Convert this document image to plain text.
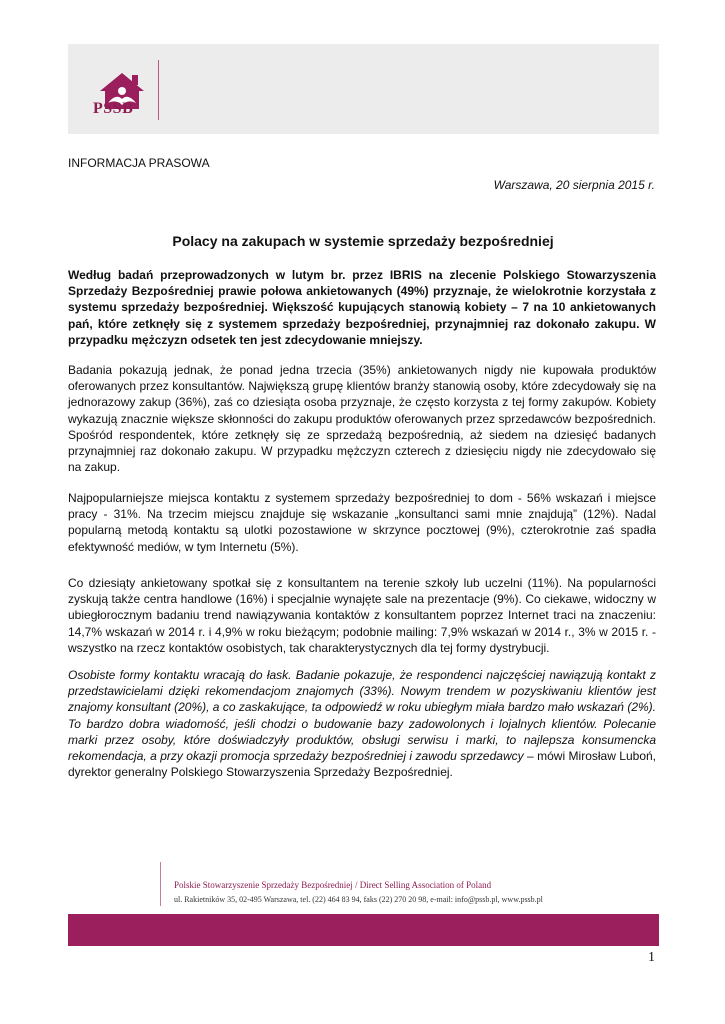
PSSB
INFORMACJA PRASOWA
Warszawa, 20 sierpnia 2015 r.
Polacy na zakupach w systemie sprzedaży bezpośredniej

Według badań przeprowadzonych w lutym br. przez IBRIS na zlecenie Polskiego Stowarzyszenia Sprzedaży Bezpośredniej prawie połowa ankietowanych (49%) przyznaje, że wielokrotnie korzystała z systemu sprzedaży bezpośredniej. Większość kupujących stanowią kobiety – 7 na 10 ankietowanych pań, które zetknęły się z systemem sprzedaży bezpośredniej, przynajmniej raz dokonało zakupu. W przypadku mężczyzn odsetek ten jest zdecydowanie mniejszy.

Badania pokazują jednak, że ponad jedna trzecia (35%) ankietowanych nigdy nie kupowała produktów oferowanych przez konsultantów. Największą grupę klientów branży stanowią osoby, które zdecydowały się na jednorazowy zakup (36%), zaś co dziesiąta osoba przyznaje, że często korzysta z tej formy zakupów. Kobiety wykazują znacznie większe skłonności do zakupu produktów oferowanych przez sprzedawców bezpośrednich. Spośród respondentek, które zetknęły się ze sprzedażą bezpośrednią, aż siedem na dziesięć badanych przynajmniej raz dokonało zakupu. W przypadku mężczyzn czterech z dziesięciu nigdy nie zdecydowało się na zakup.

Najpopularniejsze miejsca kontaktu z systemem sprzedaży bezpośredniej to dom - 56% wskazań i miejsce pracy - 31%. Na trzecim miejscu znajduje się wskazanie „konsultanci sami mnie znajdują” (12%). Nadal popularną metodą kontaktu są ulotki pozostawione w skrzynce pocztowej (9%), czterokrotnie zaś spadła efektywność mediów, w tym Internetu (5%).

Co dziesiąty ankietowany spotkał się z konsultantem na terenie szkoły lub uczelni (11%). Na popularności zyskują także centra handlowe (16%) i specjalnie wynajęte sale na prezentacje (9%). Co ciekawe, widoczny w ubiegłorocznym badaniu trend nawiązywania kontaktów z konsultantem poprzez Internet traci na znaczeniu: 14,7% wskazań w 2014 r. i 4,9% w roku bieżącym; podobnie mailing: 7,9% wskazań w 2014 r., 3% w 2015 r. - wszystko na rzecz kontaktów osobistych, tak charakterystycznych dla tej formy dystrybucji.

Osobiste formy kontaktu wracają do łask. Badanie pokazuje, że respondenci najczęściej nawiązują kontakt z przedstawicielami dzięki rekomendacjom znajomych (33%). Nowym trendem w pozyskiwaniu klientów jest znajomy konsultant (20%), a co zaskakujące, ta odpowiedź w roku ubiegłym miała bardzo mało wskazań (2%). To bardzo dobra wiadomość, jeśli chodzi o budowanie bazy zadowolonych i lojalnych klientów. Polecanie marki przez osoby, które doświadczyły produktów, obsługi serwisu i marki, to najlepsza konsumencka rekomendacja, a przy okazji promocja sprzedaży bezpośredniej i zawodu sprzedawcy – mówi Mirosław Luboń, dyrektor generalny Polskiego Stowarzyszenia Sprzedaży Bezpośredniej.

Polskie Stowarzyszenie Sprzedaży Bezpośredniej / Direct Selling Association of Poland
ul. Rakietników 35, 02-495 Warszawa, tel. (22) 464 83 94, faks (22) 270 20 98, e-mail: info@pssb.pl, www.pssb.pl
1
